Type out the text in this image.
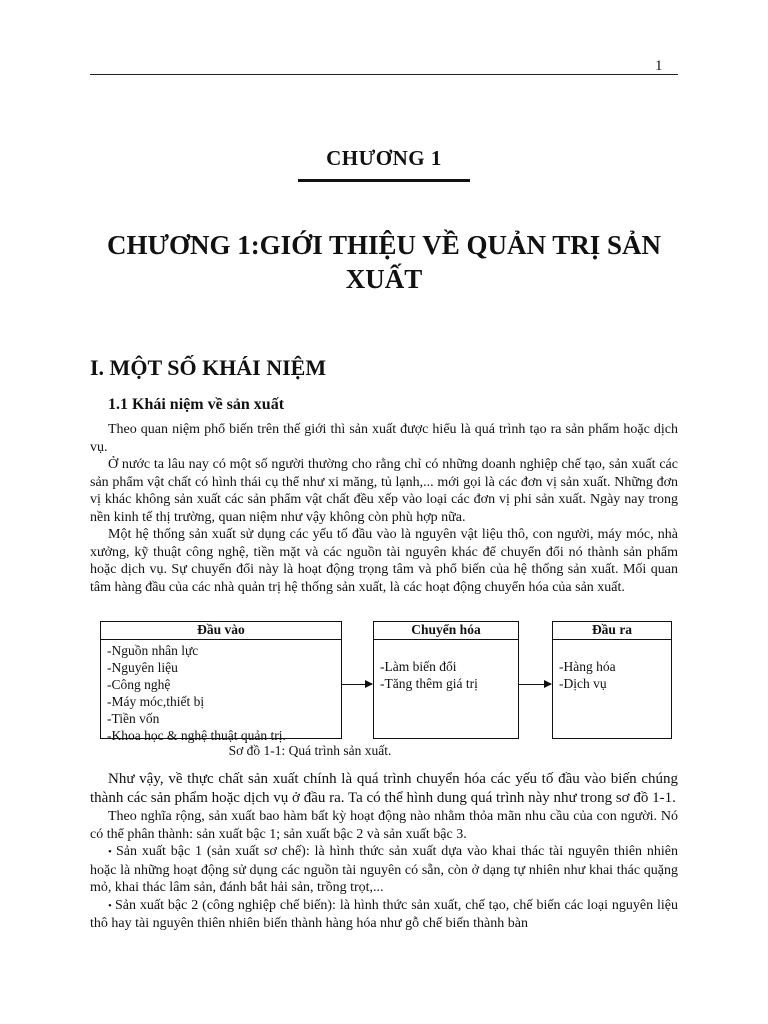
1
CHƯƠNG 1
CHƯƠNG 1:GIỚI THIỆU VỀ QUẢN TRỊ SẢN XUẤT
I. MỘT SỐ KHÁI NIỆM
1.1 Khái niệm về sản xuất

Theo quan niệm phổ biến trên thế giới thì sản xuất được hiểu là quá trình tạo ra sản phẩm hoặc dịch vụ.

Ở nước ta lâu nay có một số người thường cho rằng chỉ có những doanh nghiệp chế tạo, sản xuất các sản phẩm vật chất có hình thái cụ thể như xi măng, tủ lạnh,... mới gọi là các đơn vị sản xuất. Những đơn vị khác không sản xuất các sản phẩm vật chất đều xếp vào loại các đơn vị phi sản xuất. Ngày nay trong nền kinh tế thị trường, quan niệm như vậy không còn phù hợp nữa.

Một hệ thống sản xuất sử dụng các yếu tố đầu vào là nguyên vật liệu thô, con người, máy móc, nhà xưởng, kỹ thuật công nghệ, tiền mặt và các nguồn tài nguyên khác để chuyển đổi nó thành sản phẩm hoặc dịch vụ. Sự chuyển đổi này là hoạt động trọng tâm và phổ biến của hệ thống sản xuất. Mối quan tâm hàng đầu của các nhà quản trị hệ thống sản xuất, là các hoạt động chuyển hóa của sản xuất.

Đầu vào
-Nguồn nhân lực
-Nguyên liệu
-Công nghệ
-Máy móc,thiết bị
-Tiền vốn
-Khoa học & nghệ thuật quản trị.
Chuyển hóa
-Làm biến đổi
-Tăng thêm giá trị
Đầu ra
-Hàng hóa
-Dịch vụ
Sơ đồ 1-1: Quá trình sản xuất.

Như vậy, về thực chất sản xuất chính là quá trình chuyển hóa các yếu tố đầu vào biến chúng thành các sản phẩm hoặc dịch vụ ở đầu ra. Ta có thể hình dung quá trình này như trong sơ đồ 1-1.

Theo nghĩa rộng, sản xuất bao hàm bất kỳ hoạt động nào nhằm thỏa mãn nhu cầu của con người. Nó có thể phân thành: sản xuất bậc 1; sản xuất bậc 2 và sản xuất bậc 3.

• Sản xuất bậc 1 (sản xuất sơ chế): là hình thức sản xuất dựa vào khai thác tài nguyên thiên nhiên hoặc là những hoạt động sử dụng các nguồn tài nguyên có sẵn, còn ở dạng tự nhiên như khai thác quặng mỏ, khai thác lâm sản, đánh bắt hải sản, trồng trọt,...

• Sản xuất bậc 2 (công nghiệp chế biến): là hình thức sản xuất, chế tạo, chế biến các loại nguyên liệu thô hay tài nguyên thiên nhiên biến thành hàng hóa như gỗ chế biến thành bàn
